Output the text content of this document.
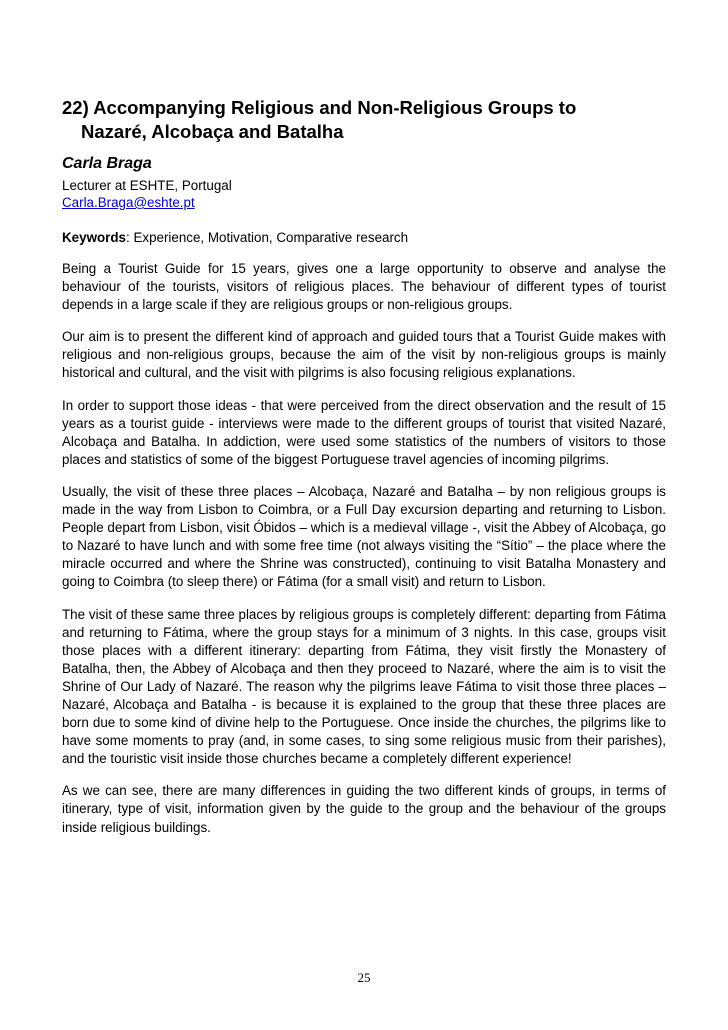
22) Accompanying Religious and Non-Religious Groups to
Nazaré, Alcobaça and Batalha
Carla Braga
Lecturer at ESHTE, Portugal
Carla.Braga@eshte.pt
Keywords: Experience, Motivation, Comparative research

Being a Tourist Guide for 15 years, gives one a large opportunity to observe and analyse the behaviour of the tourists, visitors of religious places. The behaviour of different types of tourist depends in a large scale if they are religious groups or non-religious groups.

Our aim is to present the different kind of approach and guided tours that a Tourist Guide makes with religious and non-religious groups, because the aim of the visit by non-religious groups is mainly historical and cultural, and the visit with pilgrims is also focusing religious explanations.

In order to support those ideas - that were perceived from the direct observation and the result of 15 years as a tourist guide - interviews were made to the different groups of tourist that visited Nazaré, Alcobaça and Batalha. In addiction, were used some statistics of the numbers of visitors to those places and statistics of some of the biggest Portuguese travel agencies of incoming pilgrims.

Usually, the visit of these three places – Alcobaça, Nazaré and Batalha – by non religious groups is made in the way from Lisbon to Coimbra, or a Full Day excursion departing and returning to Lisbon. People depart from Lisbon, visit Óbidos – which is a medieval village -, visit the Abbey of Alcobaça, go to Nazaré to have lunch and with some free time (not always visiting the “Sítio” – the place where the miracle occurred and where the Shrine was constructed), continuing to visit Batalha Monastery and going to Coimbra (to sleep there) or Fátima (for a small visit) and return to Lisbon.

The visit of these same three places by religious groups is completely different: departing from Fátima and returning to Fátima, where the group stays for a minimum of 3 nights. In this case, groups visit those places with a different itinerary: departing from Fátima, they visit firstly the Monastery of Batalha, then, the Abbey of Alcobaça and then they proceed to Nazaré, where the aim is to visit the Shrine of Our Lady of Nazaré. The reason why the pilgrims leave Fátima to visit those three places – Nazaré, Alcobaça and Batalha - is because it is explained to the group that these three places are born due to some kind of divine help to the Portuguese. Once inside the churches, the pilgrims like to have some moments to pray (and, in some cases, to sing some religious music from their parishes), and the touristic visit inside those churches became a completely different experience!

As we can see, there are many differences in guiding the two different kinds of groups, in terms of itinerary, type of visit, information given by the guide to the group and the behaviour of the groups inside religious buildings.

25
